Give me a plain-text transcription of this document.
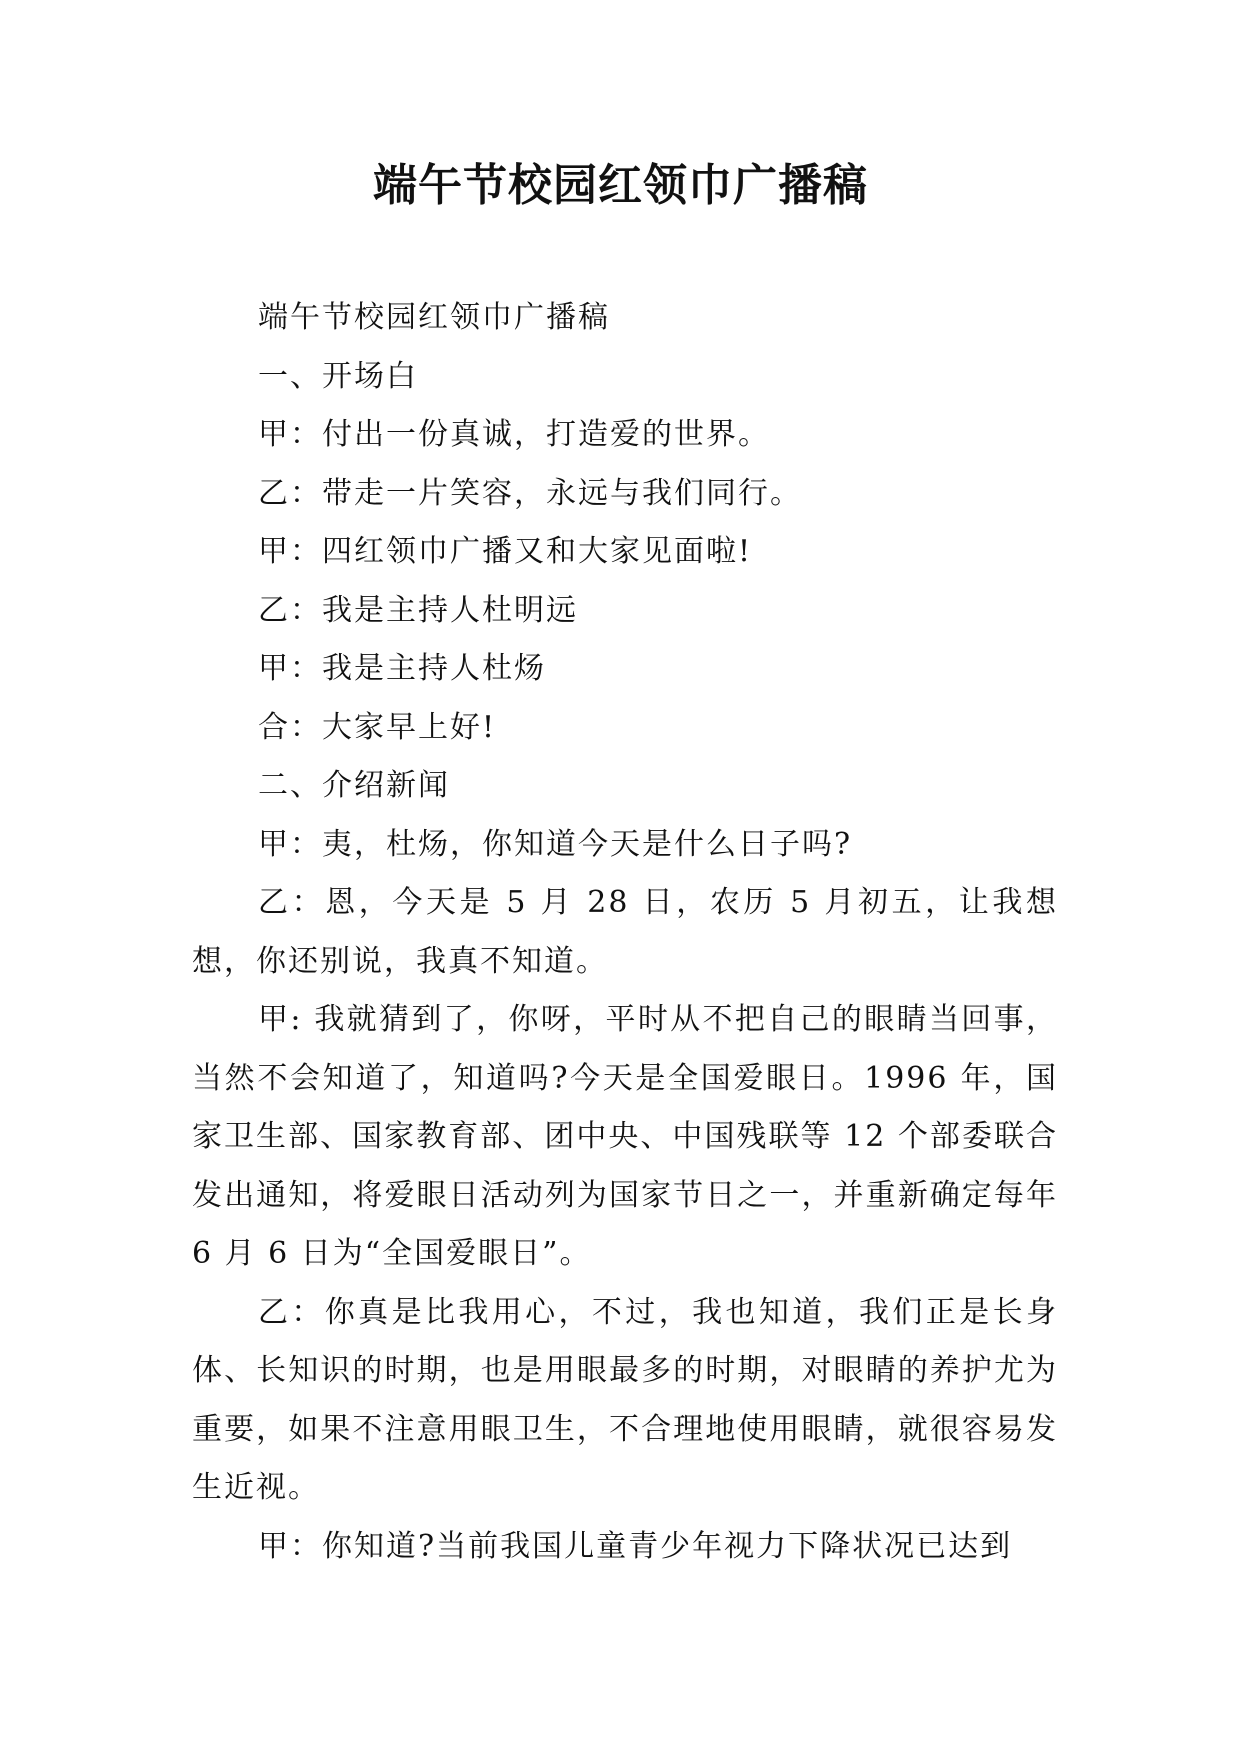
端午节校园红领巾广播稿

端午节校园红领巾广播稿

一、开场白

甲：付出一份真诚，打造爱的世界。

乙：带走一片笑容，永远与我们同行。

甲：四红领巾广播又和大家见面啦!

乙：我是主持人杜明远

甲：我是主持人杜炀

合：大家早上好!

二、介绍新闻

甲：夷，杜炀，你知道今天是什么日子吗?

乙：恩，今天是 5 月 28 日，农历 5 月初五，让我想想，你还别说，我真不知道。

甲: 我就猜到了，你呀，平时从不把自己的眼睛当回事，当然不会知道了，知道吗?今天是全国爱眼日。1996 年，国家卫生部、国家教育部、团中央、中国残联等 12 个部委联合发出通知，将爱眼日活动列为国家节日之一，并重新确定每年 6 月 6 日为“全国爱眼日”。

乙：你真是比我用心，不过，我也知道，我们正是长身体、长知识的时期，也是用眼最多的时期，对眼睛的养护尤为重要，如果不注意用眼卫生，不合理地使用眼睛，就很容易发生近视。

甲：你知道?当前我国儿童青少年视力下降状况已达到
